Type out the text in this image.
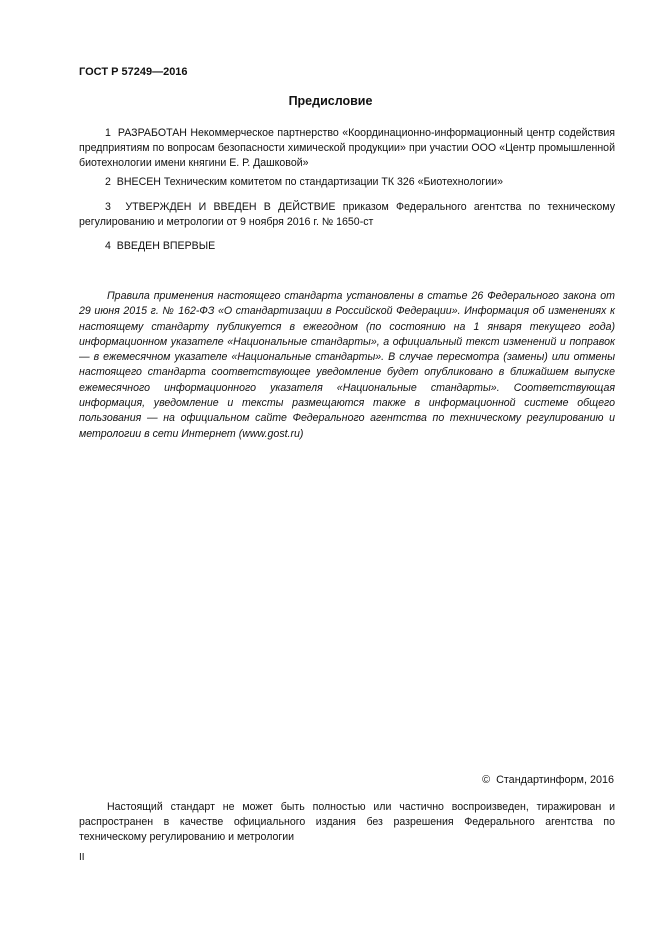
ГОСТ Р 57249—2016
Предисловие
1 РАЗРАБОТАН Некоммерческое партнерство «Координационно-информационный центр содействия предприятиям по вопросам безопасности химической продукции» при участии ООО «Центр промышленной биотехнологии имени княгини Е. Р. Дашковой»
2 ВНЕСЕН Техническим комитетом по стандартизации ТК 326 «Биотехнологии»
3 УТВЕРЖДЕН И ВВЕДЕН В ДЕЙСТВИЕ приказом Федерального агентства по техническому регулированию и метрологии от 9 ноября 2016 г. № 1650-ст
4 ВВЕДЕН ВПЕРВЫЕ
Правила применения настоящего стандарта установлены в статье 26 Федерального закона от 29 июня 2015 г. № 162-ФЗ «О стандартизации в Российской Федерации». Информация об изменениях к настоящему стандарту публикуется в ежегодном (по состоянию на 1 января текущего года) информационном указателе «Национальные стандарты», а официальный текст изменений и поправок — в ежемесячном указателе «Национальные стандарты». В случае пересмотра (замены) или отмены настоящего стандарта соответствующее уведомление будет опубликовано в ближайшем выпуске ежемесячного информационного указателя «Национальные стандарты». Соответствующая информация, уведомление и тексты размещаются также в информационной системе общего пользования — на официальном сайте Федерального агентства по техническому регулированию и метрологии в сети Интернет (www.gost.ru)
© Стандартинформ, 2016
Настоящий стандарт не может быть полностью или частично воспроизведен, тиражирован и распространен в качестве официального издания без разрешения Федерального агентства по техническому регулированию и метрологии
II
